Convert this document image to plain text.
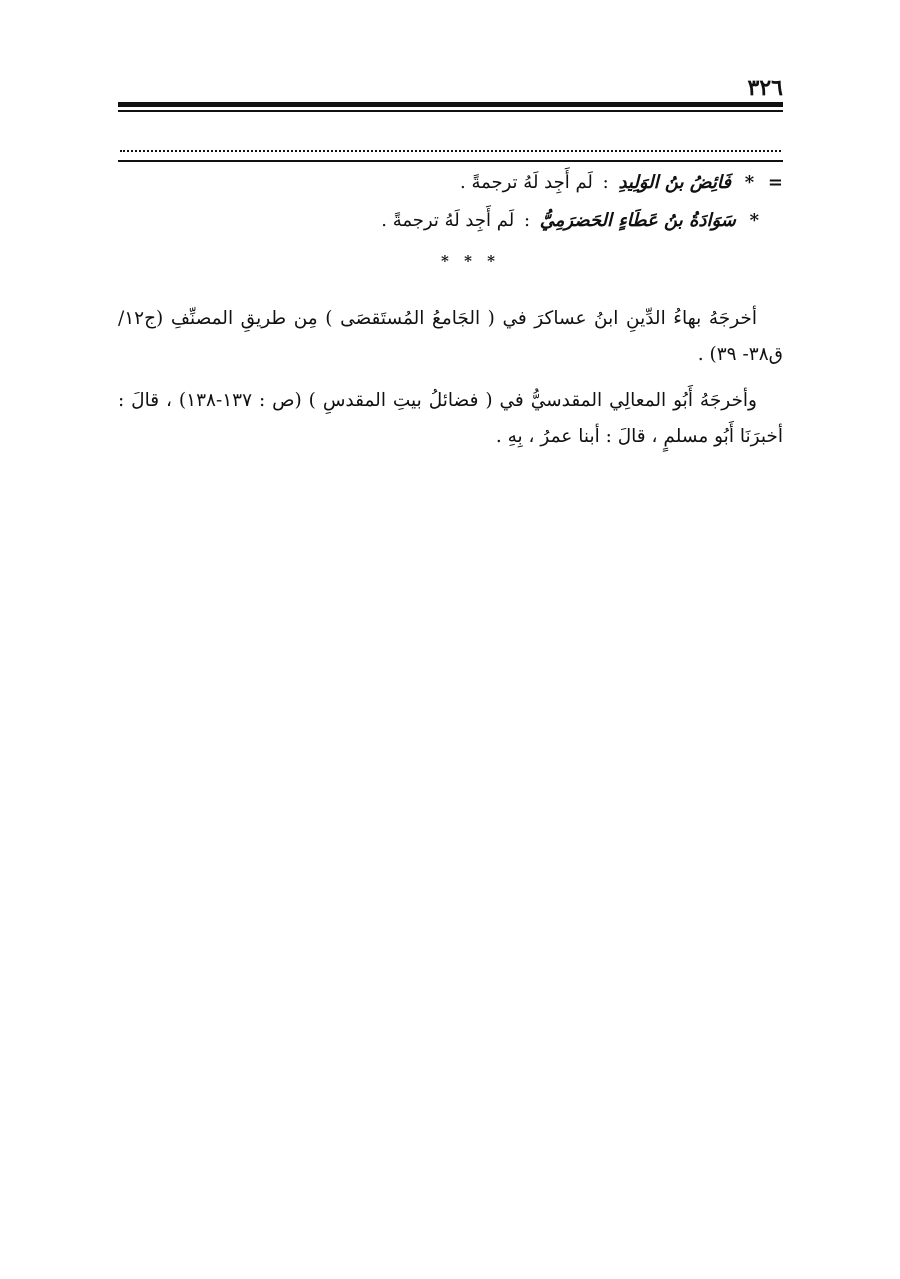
٣٢٦
= * فَائِضُ بنُ الوَلِيدِ : لَم أَجِد لَهُ ترجمةً .
* سَوَادَةُ بنُ عَطَاءٍ الحَضرَمِيُّ : لَم أَجِد لَهُ ترجمةً .
* * *

أخرجَهُ بهاءُ الدِّينِ ابنُ عساكرَ في ( الجَامعُ المُستَقصَى ) مِن طريقِ المصنِّفِ (ج١٢/ ق٣٨- ٣٩) .

وأخرجَهُ أَبُو المعالِي المقدسيُّ في ( فضائلُ بيتِ المقدسِ ) (ص : ١٣٧-١٣٨) ، قالَ : أخبرَنَا أَبُو مسلمٍ ، قالَ : أبنا عمرُ ، بِهِ .
